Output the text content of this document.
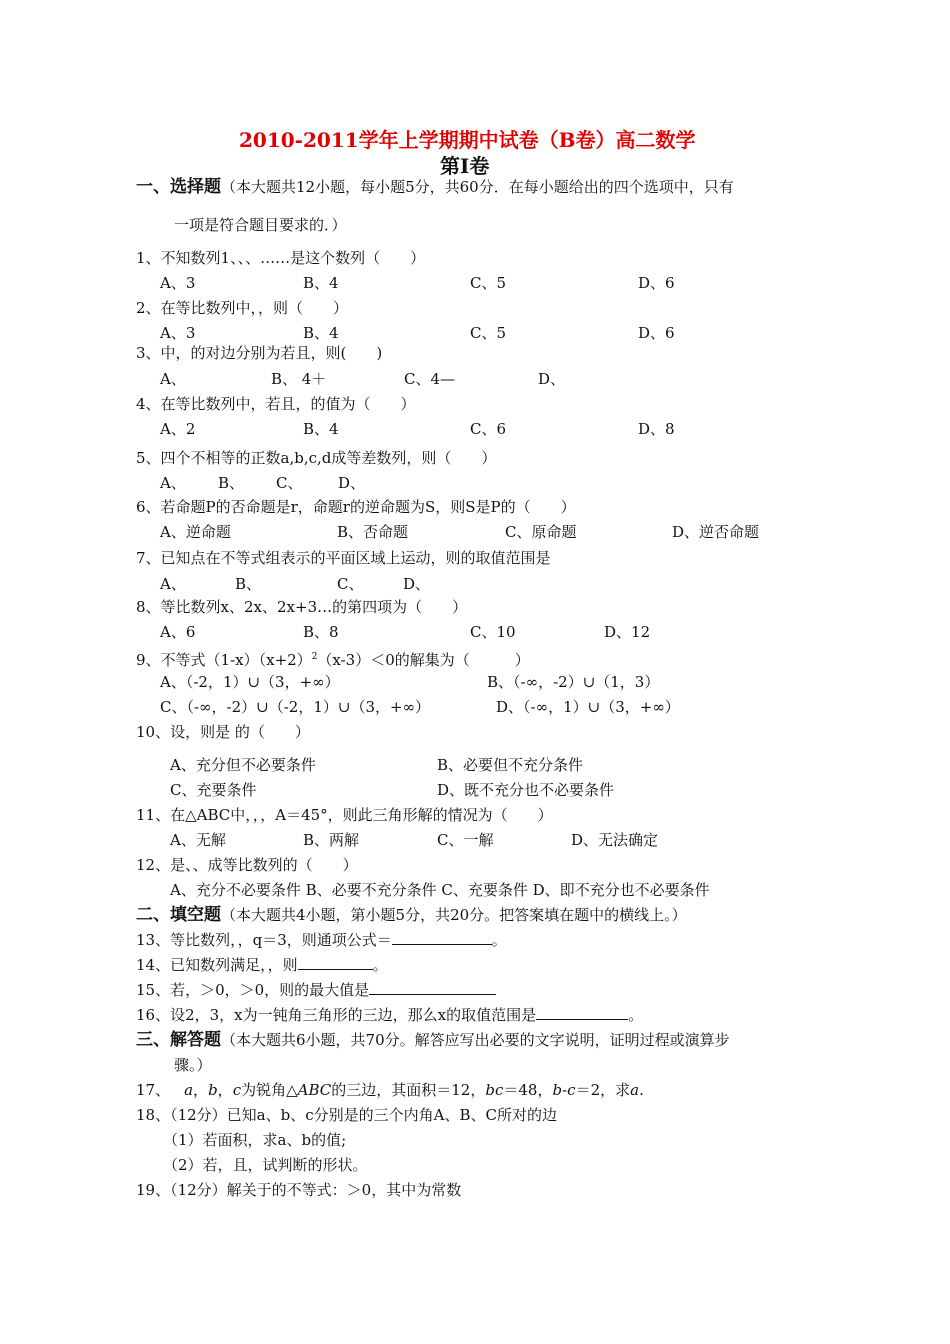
2010-2011学年上学期期中试卷（B卷）高二数学
第Ⅰ卷
一、选择题（本大题共12小题，每小题5分，共60分．在每小题给出的四个选项中，只有
一项是符合题目要求的．）
1、不知数列1、、、……是这个数列（　　）
A、3	B、4	C、5	D、6
2、在等比数列中，，则（　　）
A、3	B、4	C、5	D、6
3、中，的对边分别为若且，则(　　)
A、	B、 4＋	C、4—	D、
4、在等比数列中，若且，的值为（　　）
A、2	B、4	C、6	D、8
5、四个不相等的正数a,b,c,d成等差数列，则（　　）
A、 B、 C、 D、
6、若命题P的否命题是r，命题r的逆命题为S，则S是P的（　　）
A、逆命题	B、否命题	C、原命题	D、逆否命题
7、已知点在不等式组表示的平面区域上运动，则的取值范围是
A、	B、	C、	D、
8、等比数列x、2x、2x+3…的第四项为（　　）
A、6	B、8	C、10	D、12
9、不等式$(1-x)(x+2)^2(x-3)<0$的解集为（　　　）
A、（-2，1）∪（3，+∞）	B、（-∞，-2）∪（1，3）
C、（-∞，-2）∪（-2，1）∪（3，+∞）	D、（-∞，1）∪（3，+∞）
10、设，则是 的（　　）
A、充分但不必要条件	B、必要但不充分条件
C、充要条件	D、既不充分也不必要条件
11、在△ABC中，，，A＝45°，则此三角形解的情况为（　　）
A、无解	B、两解	C、一解	D、无法确定
12、是、、成等比数列的（　　）
A、充分不必要条件 B、必要不充分条件 C、充要条件 D、即不充分也不必要条件
二、填空题（本大题共4小题，第小题5分，共20分。把答案填在题中的横线上。）
13、等比数列，，q＝3，则通项公式＝	。
14、已知数列满足，，则	。
15、若，＞0，＞0，则的最大值是
16、设2，3，x为一钝角三角形的三边，那么x的取值范围是	。
三、解答题（本大题共6小题，共70分。解答应写出必要的文字说明，证明过程或演算步
骤。）
17、 a，b，c为锐角△ABC的三边，其面积＝12，bc＝48，b-c＝2，求a.
18、（12分）已知a、b、c分别是的三个内角A、B、C所对的边
（1）若面积，求a、b的值;
（2）若，且，试判断的形状。
19、（12分）解关于的不等式：＞0，其中为常数
